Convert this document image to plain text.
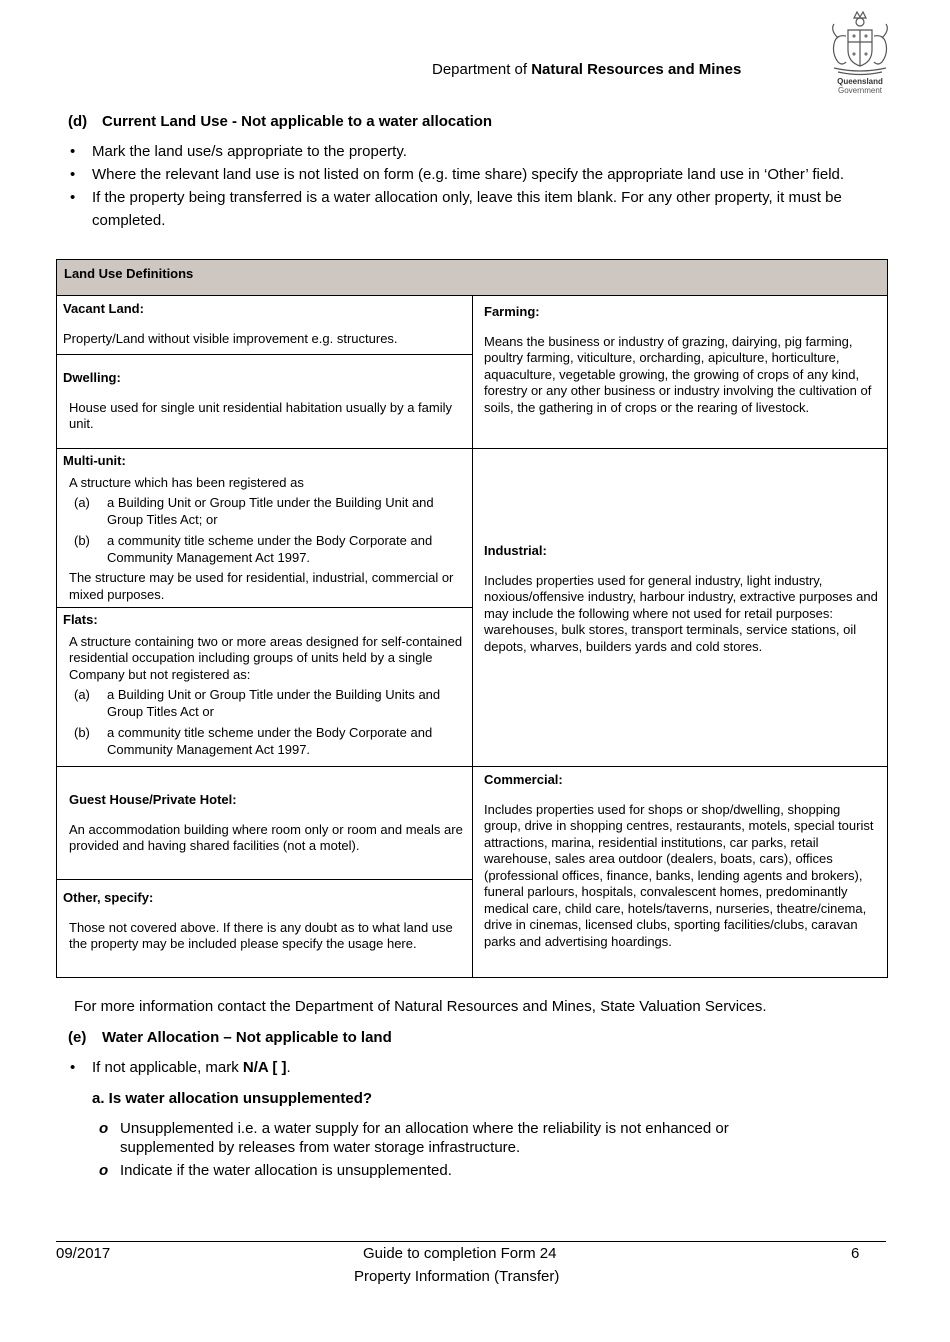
Department of Natural Resources and Mines
Queensland
Government
(d) Current Land Use - Not applicable to a water allocation
• Mark the land use/s appropriate to the property.
• Where the relevant land use is not listed on form (e.g. time share) specify the appropriate land use in ‘Other’ field.
• If the property being transferred is a water allocation only, leave this item blank. For any other property, it must be completed.
Land Use Definitions
Vacant Land:

Property/Land without visible improvement e.g. structures.

Dwelling:

House used for single unit residential habitation usually by a family unit.

Farming:

Means the business or industry of grazing, dairying, pig farming, poultry farming, viticulture, orcharding, apiculture, horticulture, aquaculture, vegetable growing, the growing of crops of any kind, forestry or any other business or industry involving the cultivation of soils, the gathering in of crops or the rearing of livestock.

Multi-unit:

A structure which has been registered as

(a) a Building Unit or Group Title under the Building Unit and Group Titles Act; or
(b) a community title scheme under the Body Corporate and Community Management Act 1997.

The structure may be used for residential, industrial, commercial or mixed purposes.

Flats:

A structure containing two or more areas designed for self-contained residential occupation including groups of units held by a single Company but not registered as:

(a) a Building Unit or Group Title under the Building Units and Group Titles Act or
(b) a community title scheme under the Body Corporate and Community Management Act 1997.
Industrial:

Includes properties used for general industry, light industry, noxious/offensive industry, harbour industry, extractive purposes and may include the following where not used for retail purposes: warehouses, bulk stores, transport terminals, service stations, oil depots, wharves, builders yards and cold stores.

Guest House/Private Hotel:

An accommodation building where room only or room and meals are provided and having shared facilities (not a motel).

Other, specify:

Those not covered above. If there is any doubt as to what land use the property may be included please specify the usage here.

Commercial:

Includes properties used for shops or shop/dwelling, shopping group, drive in shopping centres, restaurants, motels, special tourist attractions, marina, residential institutions, car parks, retail warehouse, sales area outdoor (dealers, boats, cars), offices (professional offices, finance, banks, lending agents and brokers), funeral parlours, hospitals, convalescent homes, predominantly medical care, child care, hotels/taverns, nurseries, theatre/cinema, drive in cinemas, licensed clubs, sporting facilities/clubs, caravan parks and advertising hoardings.

For more information contact the Department of Natural Resources and Mines, State Valuation Services.
(e) Water Allocation – Not applicable to land
• If not applicable, mark N/A [ ].
a. Is water allocation unsupplemented?
o Unsupplemented i.e. a water supply for an allocation where the reliability is not enhanced or supplemented by releases from water storage infrastructure.
o Indicate if the water allocation is unsupplemented.
09/2017	Guide to completion Form 24
Property Information (Transfer)
6
